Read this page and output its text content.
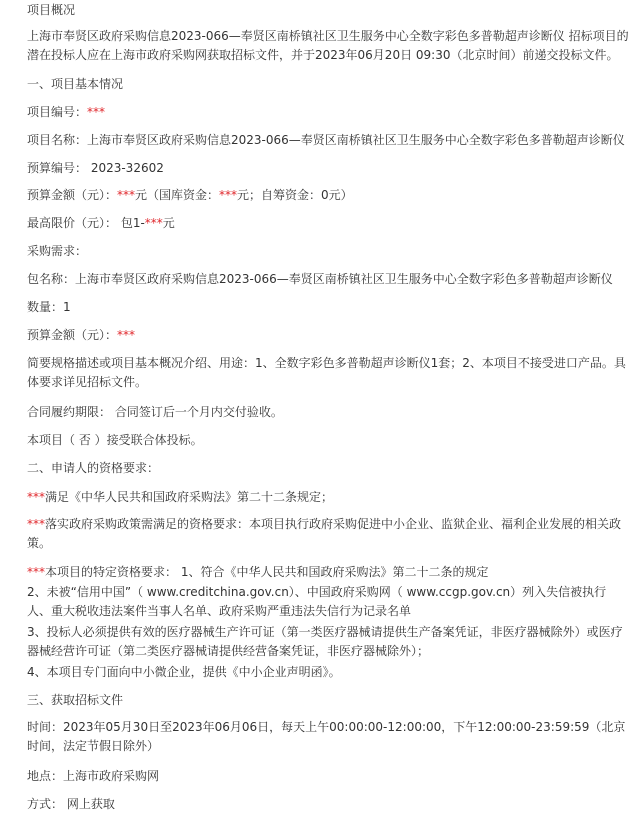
项目概况
上海市奉贤区政府采购信息2023-066—奉贤区南桥镇社区卫生服务中心全数字彩色多普勒超声诊断仪 招标项目的潜在投标人应在上海市政府采购网获取招标文件，并于2023年06月20日 09:30（北京时间）前递交投标文件。
一、项目基本情况
项目编号：***
项目名称：上海市奉贤区政府采购信息2023-066—奉贤区南桥镇社区卫生服务中心全数字彩色多普勒超声诊断仪
预算编号： 2023-32602
预算金额（元）：***元（国库资金：***元；自筹资金：0元）
最高限价（元）： 包1-***元
采购需求：
包名称：上海市奉贤区政府采购信息2023-066—奉贤区南桥镇社区卫生服务中心全数字彩色多普勒超声诊断仪
数量：1
预算金额（元）：***
简要规格描述或项目基本概况介绍、用途：1、全数字彩色多普勒超声诊断仪1套；2、本项目不接受进口产品。具体要求详见招标文件。
合同履约期限： 合同签订后一个月内交付验收。
本项目（ 否 ）接受联合体投标。
二、申请人的资格要求：
***满足《中华人民共和国政府采购法》第二十二条规定；
***落实政府采购政策需满足的资格要求：本项目执行政府采购促进中小企业、监狱企业、福利企业发展的相关政策。
***本项目的特定资格要求： 1、符合《中华人民共和国政府采购法》第二十二条的规定
2、未被“信用中国”（ www.creditchina.gov.cn）、中国政府采购网（ www.ccgp.gov.cn）列入失信被执行人、重大税收违法案件当事人名单、政府采购严重违法失信行为记录名单
3、投标人必须提供有效的医疗器械生产许可证（第一类医疗器械请提供生产备案凭证，非医疗器械除外）或医疗器械经营许可证（第二类医疗器械请提供经营备案凭证，非医疗器械除外）；
4、本项目专门面向中小微企业，提供《中小企业声明函》。
三、获取招标文件
时间：2023年05月30日至2023年06月06日，每天上午00:00:00-12:00:00，下午12:00:00-23:59:59（北京时间，法定节假日除外）
地点：上海市政府采购网
方式： 网上获取
